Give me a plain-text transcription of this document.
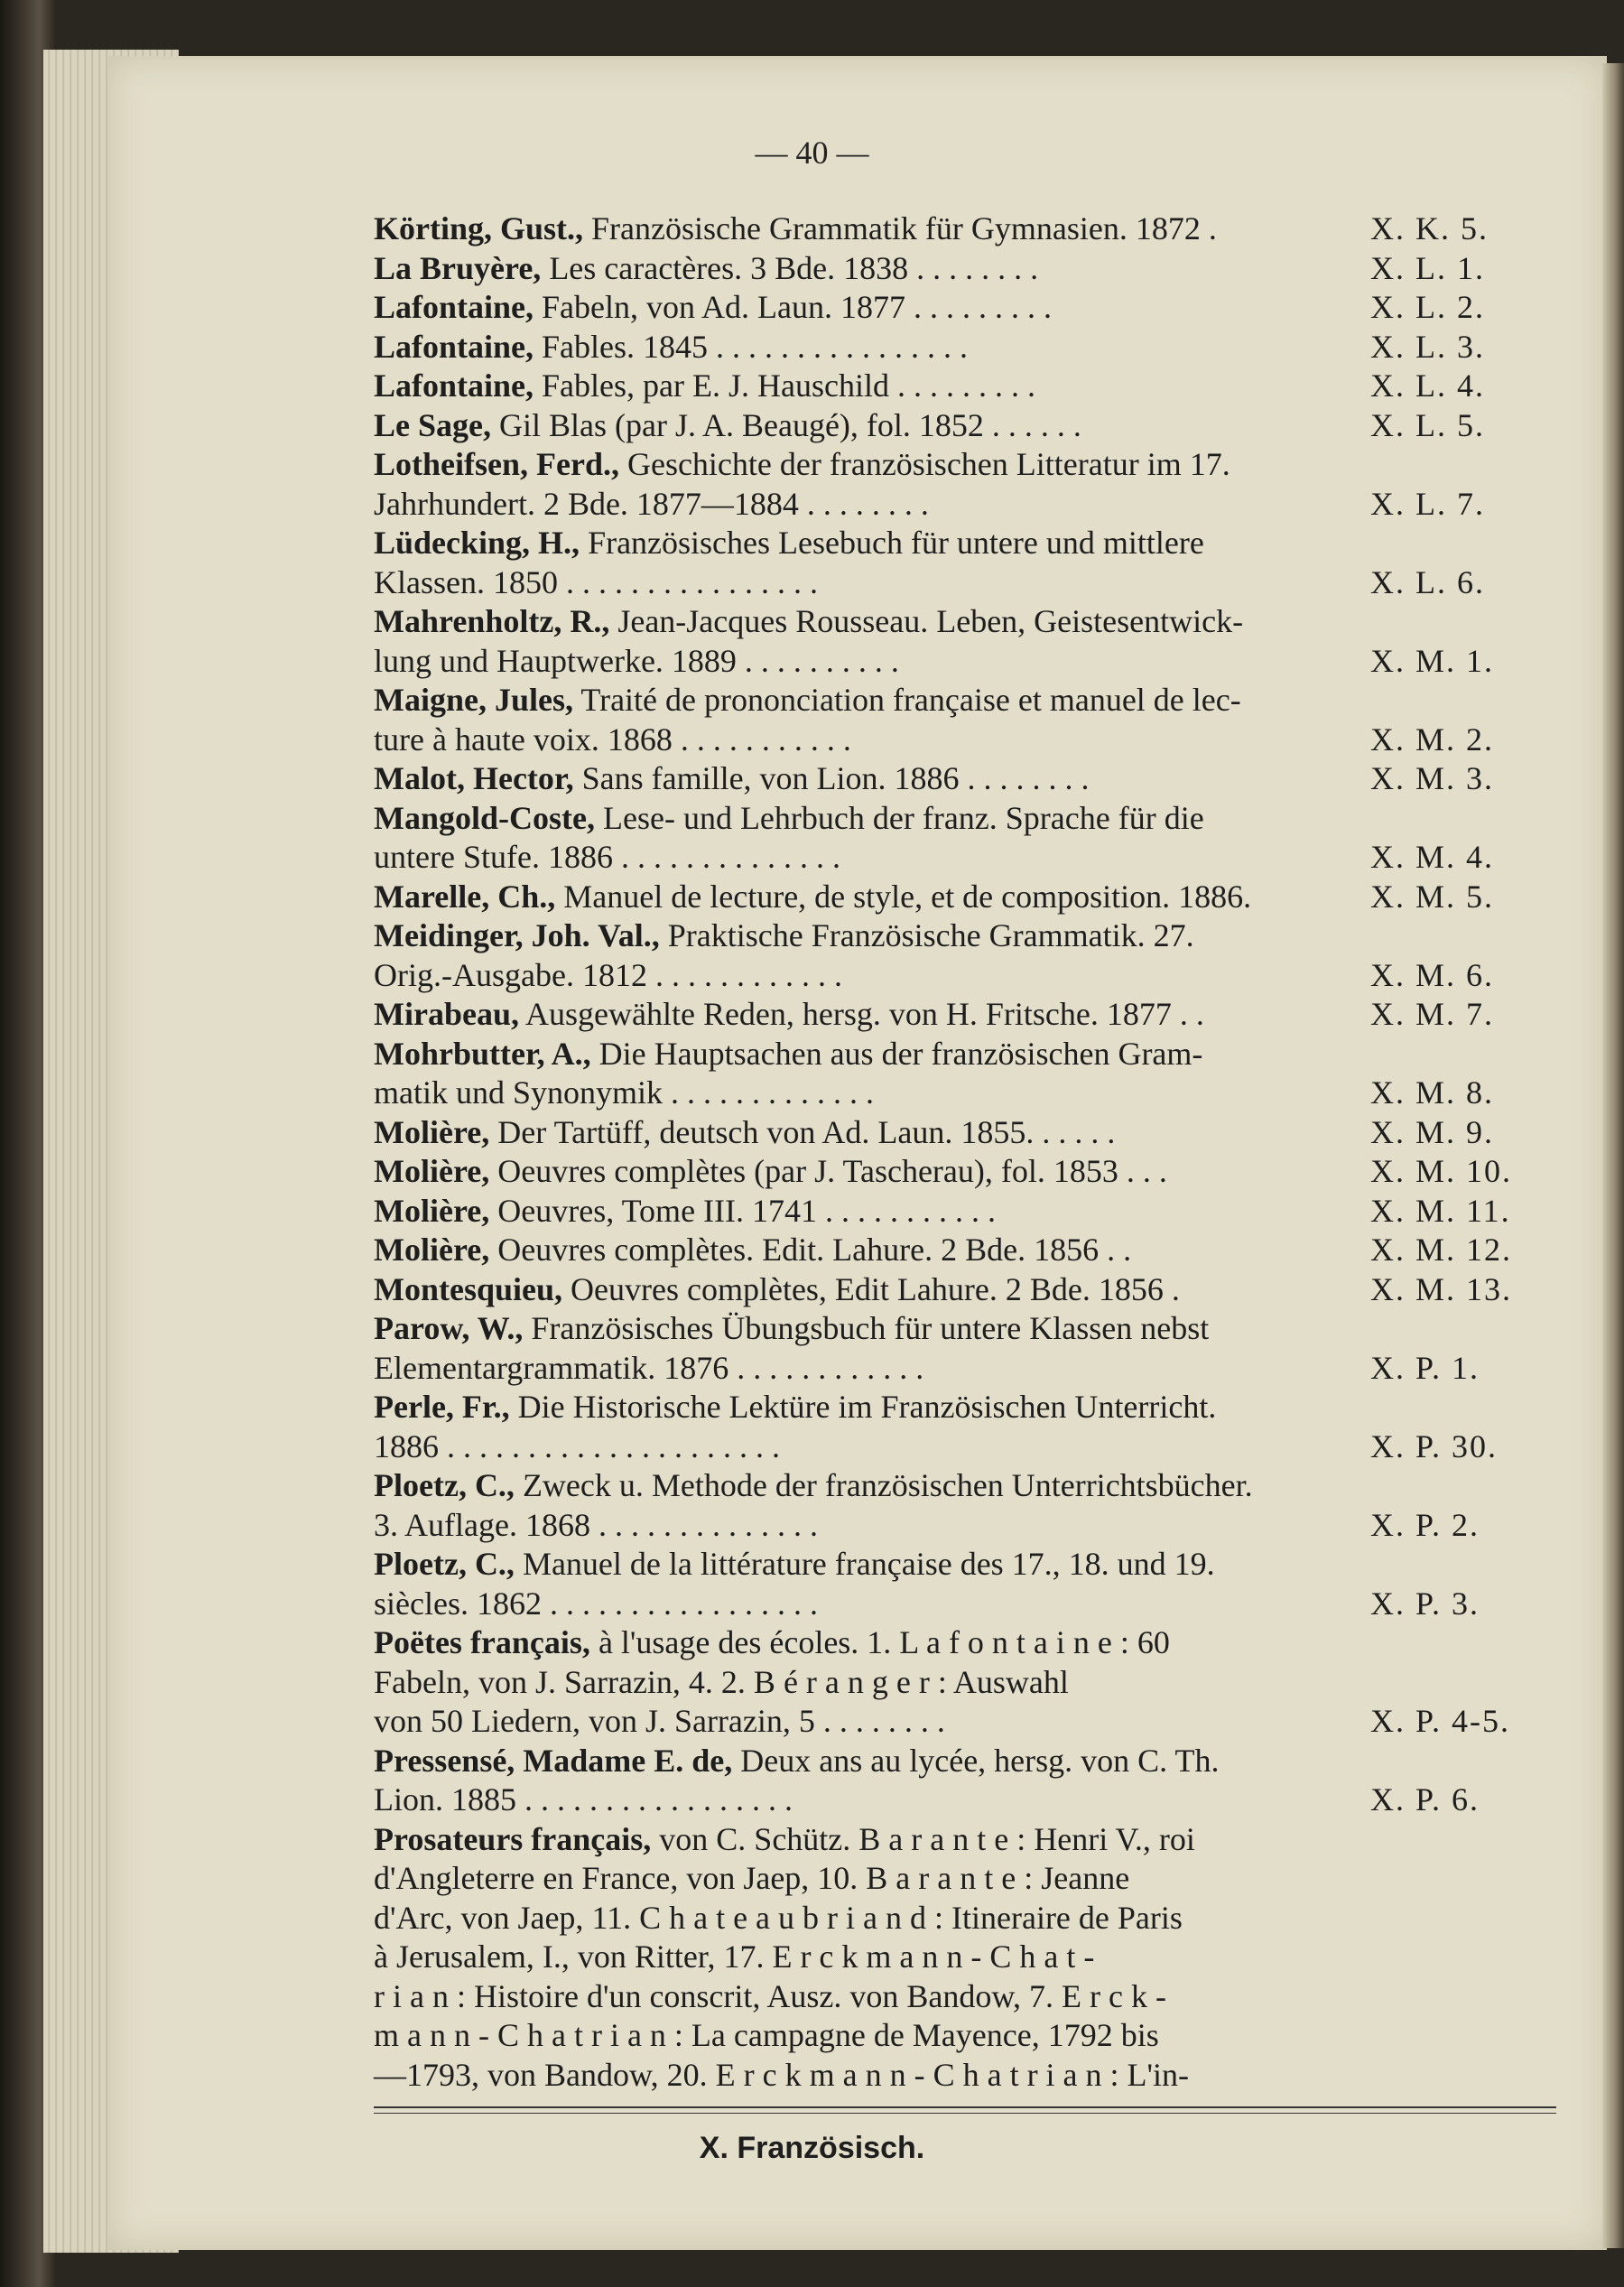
— 40 —
Körting, Gust., Französische Grammatik für Gymnasien. 1872 .	X. K. 5.
La Bruyère, Les caractères. 3 Bde. 1838 . . . . . . . .	X. L. 1.
Lafontaine, Fabeln, von Ad. Laun. 1877 . . . . . . . . .	X. L. 2.
Lafontaine, Fables. 1845 . . . . . . . . . . . . . . . .	X. L. 3.
Lafontaine, Fables, par E. J. Hauschild . . . . . . . . .	X. L. 4.
Le Sage, Gil Blas (par J. A. Beaugé), fol. 1852 . . . . . .	X. L. 5.
Lotheifsen, Ferd., Geschichte der französischen Litteratur im 17.
Jahrhundert. 2 Bde. 1877—1884 . . . . . . . .	X. L. 7.
Lüdecking, H., Französisches Lesebuch für untere und mittlere
Klassen. 1850 . . . . . . . . . . . . . . . .	X. L. 6.
Mahrenholtz, R., Jean-Jacques Rousseau. Leben, Geistesentwick-
lung und Hauptwerke. 1889 . . . . . . . . . .	X. M. 1.
Maigne, Jules, Traité de prononciation française et manuel de lec-
ture à haute voix. 1868 . . . . . . . . . . .	X. M. 2.
Malot, Hector, Sans famille, von Lion. 1886 . . . . . . . .	X. M. 3.
Mangold-Coste, Lese- und Lehrbuch der franz. Sprache für die
untere Stufe. 1886 . . . . . . . . . . . . . .	X. M. 4.
Marelle, Ch., Manuel de lecture, de style, et de composition. 1886.	X. M. 5.
Meidinger, Joh. Val., Praktische Französische Grammatik. 27.
Orig.-Ausgabe. 1812 . . . . . . . . . . . .	X. M. 6.
Mirabeau, Ausgewählte Reden, hersg. von H. Fritsche. 1877 . .	X. M. 7.
Mohrbutter, A., Die Hauptsachen aus der französischen Gram-
matik und Synonymik . . . . . . . . . . . . .	X. M. 8.
Molière, Der Tartüff, deutsch von Ad. Laun. 1855. . . . . .	X. M. 9.
Molière, Oeuvres complètes (par J. Tascherau), fol. 1853 . . .	X. M. 10.
Molière, Oeuvres, Tome III. 1741 . . . . . . . . . . .	X. M. 11.
Molière, Oeuvres complètes. Edit. Lahure. 2 Bde. 1856 . .	X. M. 12.
Montesquieu, Oeuvres complètes, Edit Lahure. 2 Bde. 1856 .	X. M. 13.
Parow, W., Französisches Übungsbuch für untere Klassen nebst
Elementargrammatik. 1876 . . . . . . . . . . . .	X. P. 1.
Perle, Fr., Die Historische Lektüre im Französischen Unterricht.
1886 . . . . . . . . . . . . . . . . . . . . .	X. P. 30.
Ploetz, C., Zweck u. Methode der französischen Unterrichtsbücher.
3. Auflage. 1868 . . . . . . . . . . . . . .	X. P. 2.
Ploetz, C., Manuel de la littérature française des 17., 18. und 19.
siècles. 1862 . . . . . . . . . . . . . . . . .	X. P. 3.
Poëtes français, à l'usage des écoles. 1. L a f o n t a i n e : 60
Fabeln, von J. Sarrazin, 4. 2. B é r a n g e r : Auswahl
von 50 Liedern, von J. Sarrazin, 5 . . . . . . . .	X. P. 4-5.
Pressensé, Madame E. de, Deux ans au lycée, hersg. von C. Th.
Lion. 1885 . . . . . . . . . . . . . . . . .	X. P. 6.
Prosateurs français, von C. Schütz. B a r a n t e : Henri V., roi
d'Angleterre en France, von Jaep, 10. B a r a n t e : Jeanne
d'Arc, von Jaep, 11. C h a t e a u b r i a n d : Itineraire de Paris
à Jerusalem, I., von Ritter, 17. E r c k m a n n - C h a t -
r i a n : Histoire d'un conscrit, Ausz. von Bandow, 7. E r c k -
m a n n - C h a t r i a n : La campagne de Mayence, 1792 bis
—1793, von Bandow, 20. E r c k m a n n - C h a t r i a n : L'in-
X. Französisch.
